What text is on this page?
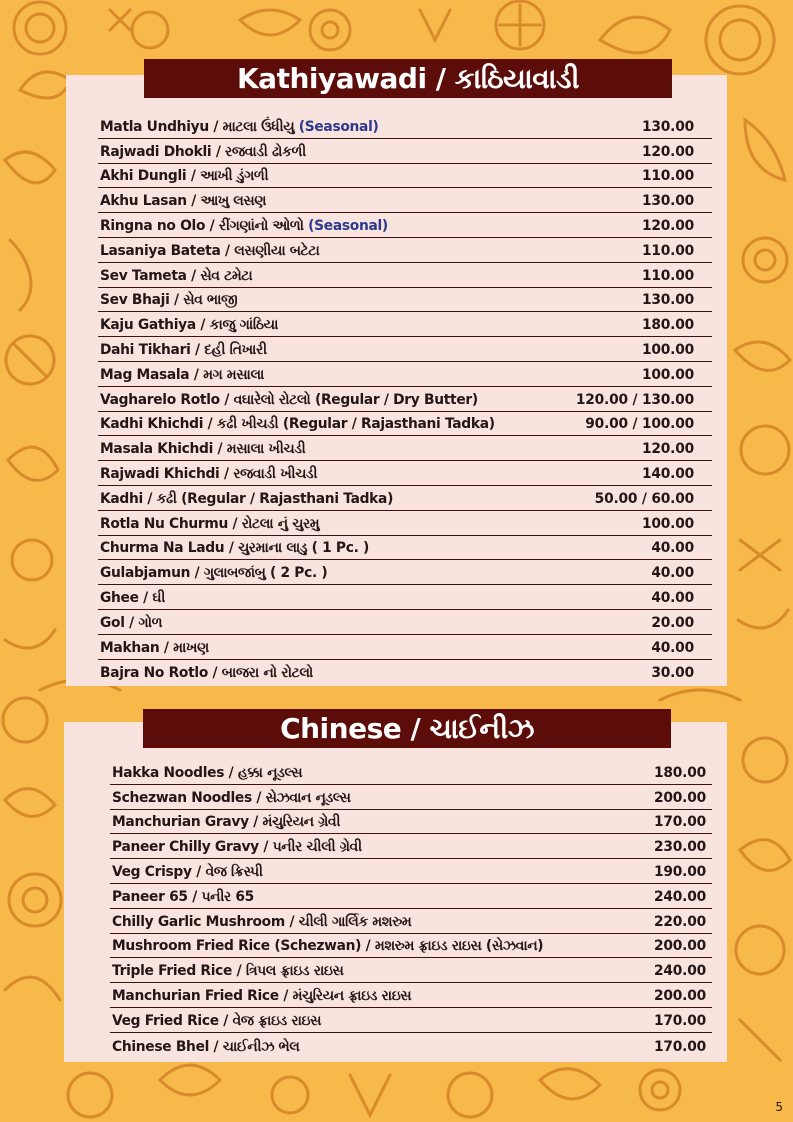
Kathiyawadi / કાઠિયાવાડી
Matla Undhiyu / માટલા ઉંધીયુ (Seasonal)	130.00
Rajwadi Dhokli / રજવાડી ઢોકળી	120.00
Akhi Dungli / આખી ડુંગળી	110.00
Akhu Lasan / આખુ લસણ	130.00
Ringna no Olo / રીંગણાંનો ઓળો (Seasonal)	120.00
Lasaniya Bateta / લસણીયા બટેટા	110.00
Sev Tameta / સેવ ટમેટા	110.00
Sev Bhaji / સેવ ભાજી	130.00
Kaju Gathiya / કાજુ ગાંઠિયા	180.00
Dahi Tikhari / દહી તિખારી	100.00
Mag Masala / મગ મસાલા	100.00
Vagharelo Rotlo / વઘારેલો રોટલો (Regular / Dry Butter)	120.00 / 130.00
Kadhi Khichdi / કઢી ખીચડી (Regular / Rajasthani Tadka)	90.00 / 100.00
Masala Khichdi / મસાલા ખીચડી	120.00
Rajwadi Khichdi / રજવાડી ખીચડી	140.00
Kadhi / કઢી (Regular / Rajasthani Tadka)	50.00 / 60.00
Rotla Nu Churmu / રોટલા નું ચુરમુ	100.00
Churma Na Ladu / ચુરમાના લાડુ ( 1 Pc. )	40.00
Gulabjamun / ગુલાબજાંબુ ( 2 Pc. )	40.00
Ghee / ઘી	40.00
Gol / ગોળ	20.00
Makhan / માખણ	40.00
Bajra No Rotlo / બાજરા નો રોટલો	30.00
Chinese / ચાઈનીઝ
Hakka Noodles / હક્કા નૂડલ્સ	180.00
Schezwan Noodles / સેઝવાન નૂડલ્સ	200.00
Manchurian Gravy / મંચુરિયન ગ્રેવી	170.00
Paneer Chilly Gravy / પનીર ચીલી ગ્રેવી	230.00
Veg Crispy / વેજ ક્રિસ્પી	190.00
Paneer 65 / પનીર 65	240.00
Chilly Garlic Mushroom / ચીલી ગાર્લિક મશરુમ	220.00
Mushroom Fried Rice (Schezwan) / મશરુમ ફ્રાઇડ રાઇસ (સેઝવાન)	200.00
Triple Fried Rice / ત્રિપલ ફ્રાઇડ રાઇસ	240.00
Manchurian Fried Rice / મંચુરિયન ફ્રાઇડ રાઇસ	200.00
Veg Fried Rice / વેજ ફ્રાઇડ રાઇસ	170.00
Chinese Bhel / ચાઈનીઝ ભેલ	170.00
5
